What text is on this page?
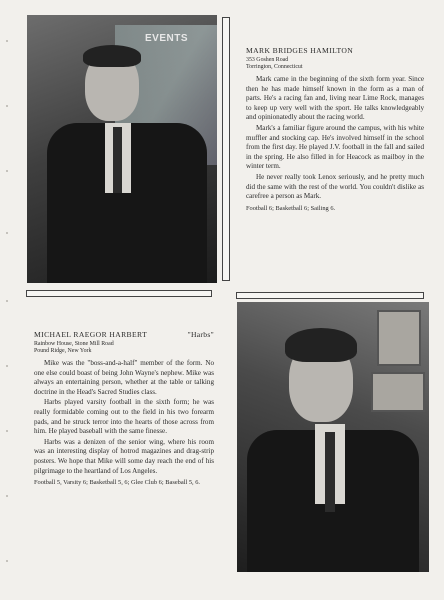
EVENTS
MARK BRIDGES HAMILTON
353 Goshen Road
Torrington, Connecticut

Mark came in the beginning of the sixth form year. Since then he has made himself known in the form as a man of parts. He's a racing fan and, living near Lime Rock, manages to keep up very well with the sport. He talks knowledgeably and opinionatedly about the racing world.

Mark's a familiar figure around the campus, with his white muffler and stocking cap. He's involved himself in the school from the first day. He played J.V. football in the fall and sailed in the spring. He also filled in for Heacock as mailboy in the winter term.

He never really took Lenox seriously, and he pretty much did the same with the rest of the world. You couldn't dislike as carefree a person as Mark.

Football 6; Basketball 6; Sailing 6.
MICHAEL RAEGOR HARBERT	"Harbs"
Rainbow House, Stone Mill Road
Pound Ridge, New York

Mike was the "boss-and-a-half" member of the form. No one else could boast of being John Wayne's nephew. Mike was always an entertaining person, whether at the table or talking doctrine in the Head's Sacred Studies class.

Harbs played varsity football in the sixth form; he was really formidable coming out to the field in his two forearm pads, and he struck terror into the hearts of those across from him. He played baseball with the same finesse.

Harbs was a denizen of the senior wing, where his room was an interesting display of hotrod magazines and drag-strip posters. We hope that Mike will some day reach the end of his pilgrimage to the heartland of Los Angeles.

Football 5, Varsity 6; Basketball 5, 6; Glee Club 6; Baseball 5, 6.
